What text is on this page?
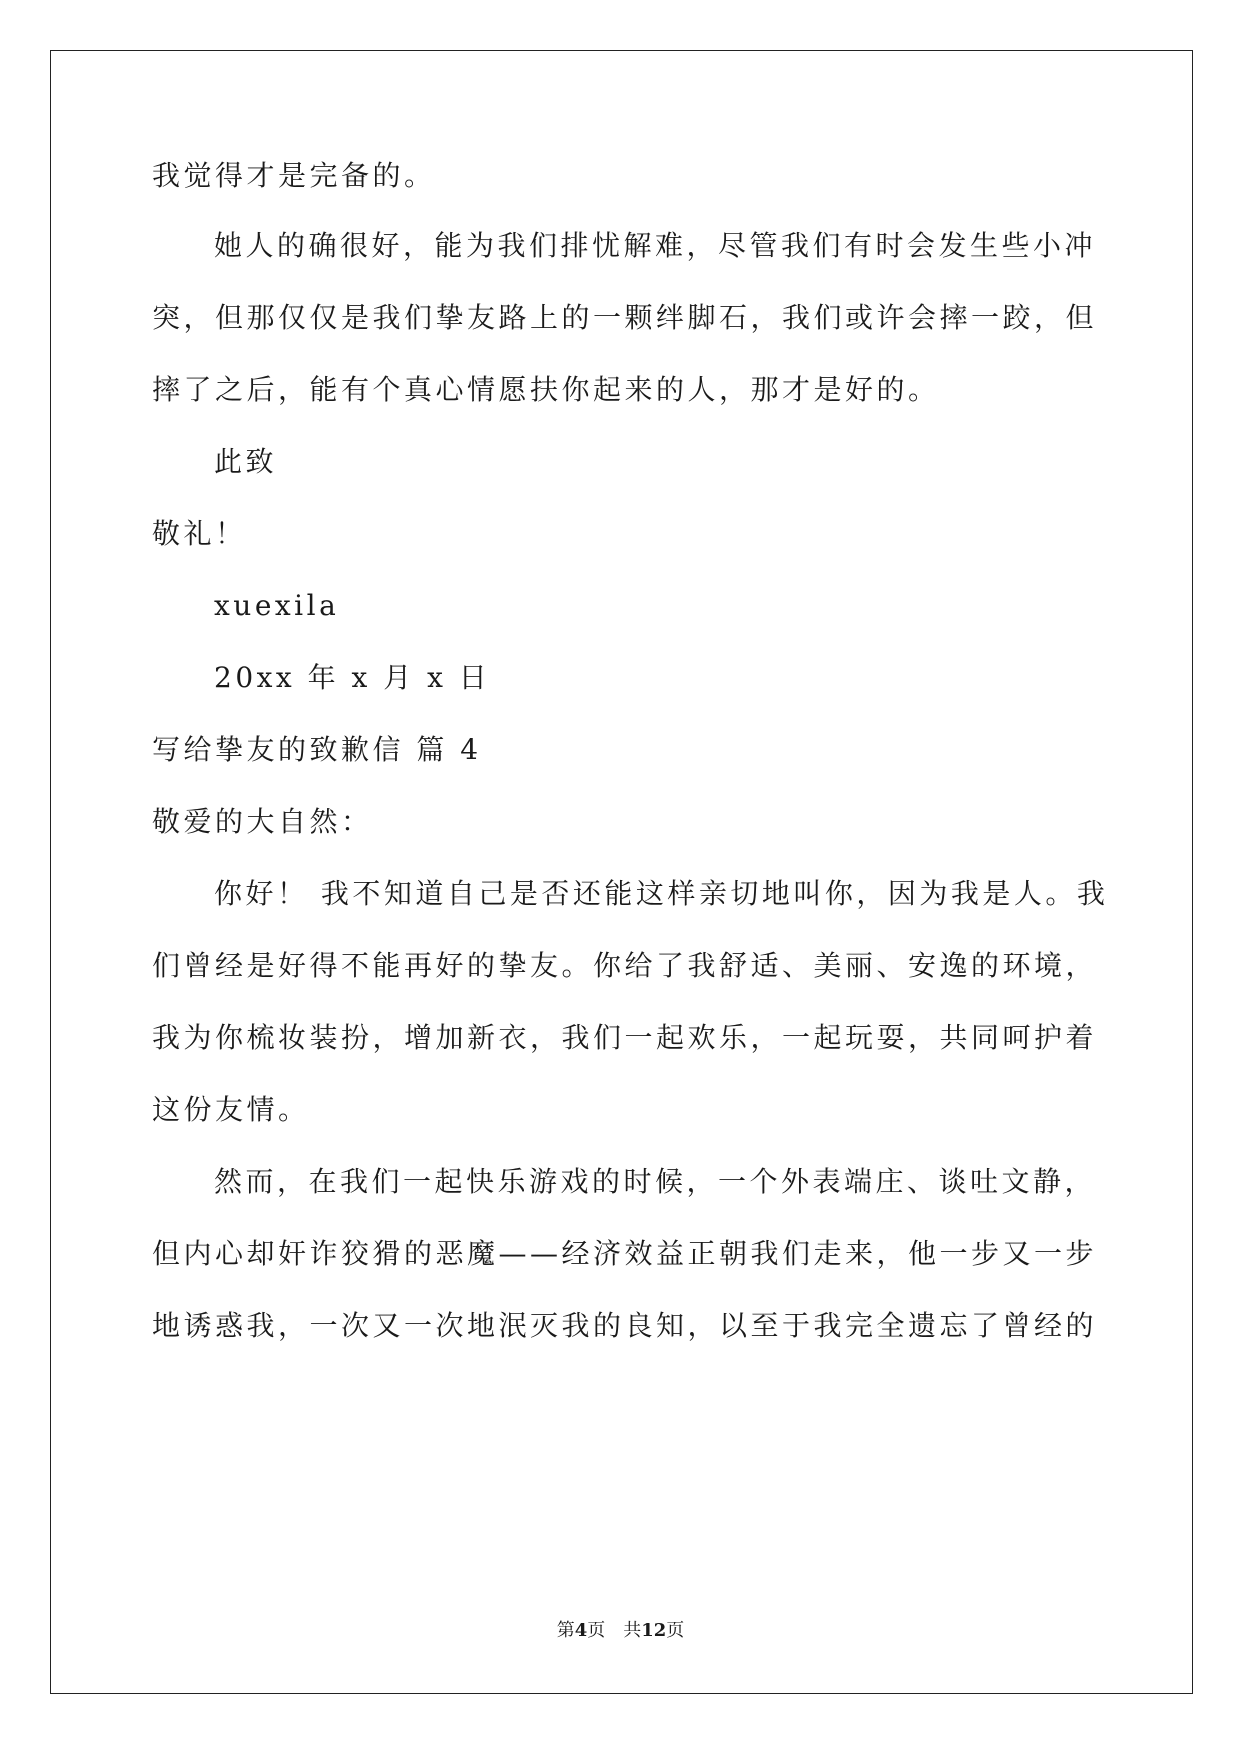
我觉得才是完备的。
她人的确很好，能为我们排忧解难，尽管我们有时会发生些小冲
突，但那仅仅是我们挚友路上的一颗绊脚石，我们或许会摔一跤，但
摔了之后，能有个真心情愿扶你起来的人，那才是好的。
此致
敬礼！
xuexila
20xx 年 x 月 x 日
写给挚友的致歉信 篇 4
敬爱的大自然：
你好！ 我不知道自己是否还能这样亲切地叫你，因为我是人。我
们曾经是好得不能再好的挚友。你给了我舒适、美丽、安逸的环境，
我为你梳妆装扮，增加新衣，我们一起欢乐，一起玩耍，共同呵护着
这份友情。
然而，在我们一起快乐游戏的时候，一个外表端庄、谈吐文静，
但内心却奸诈狡猾的恶魔——经济效益正朝我们走来，他一步又一步
地诱惑我，一次又一次地泯灭我的良知，以至于我完全遗忘了曾经的
第4页　共12页
